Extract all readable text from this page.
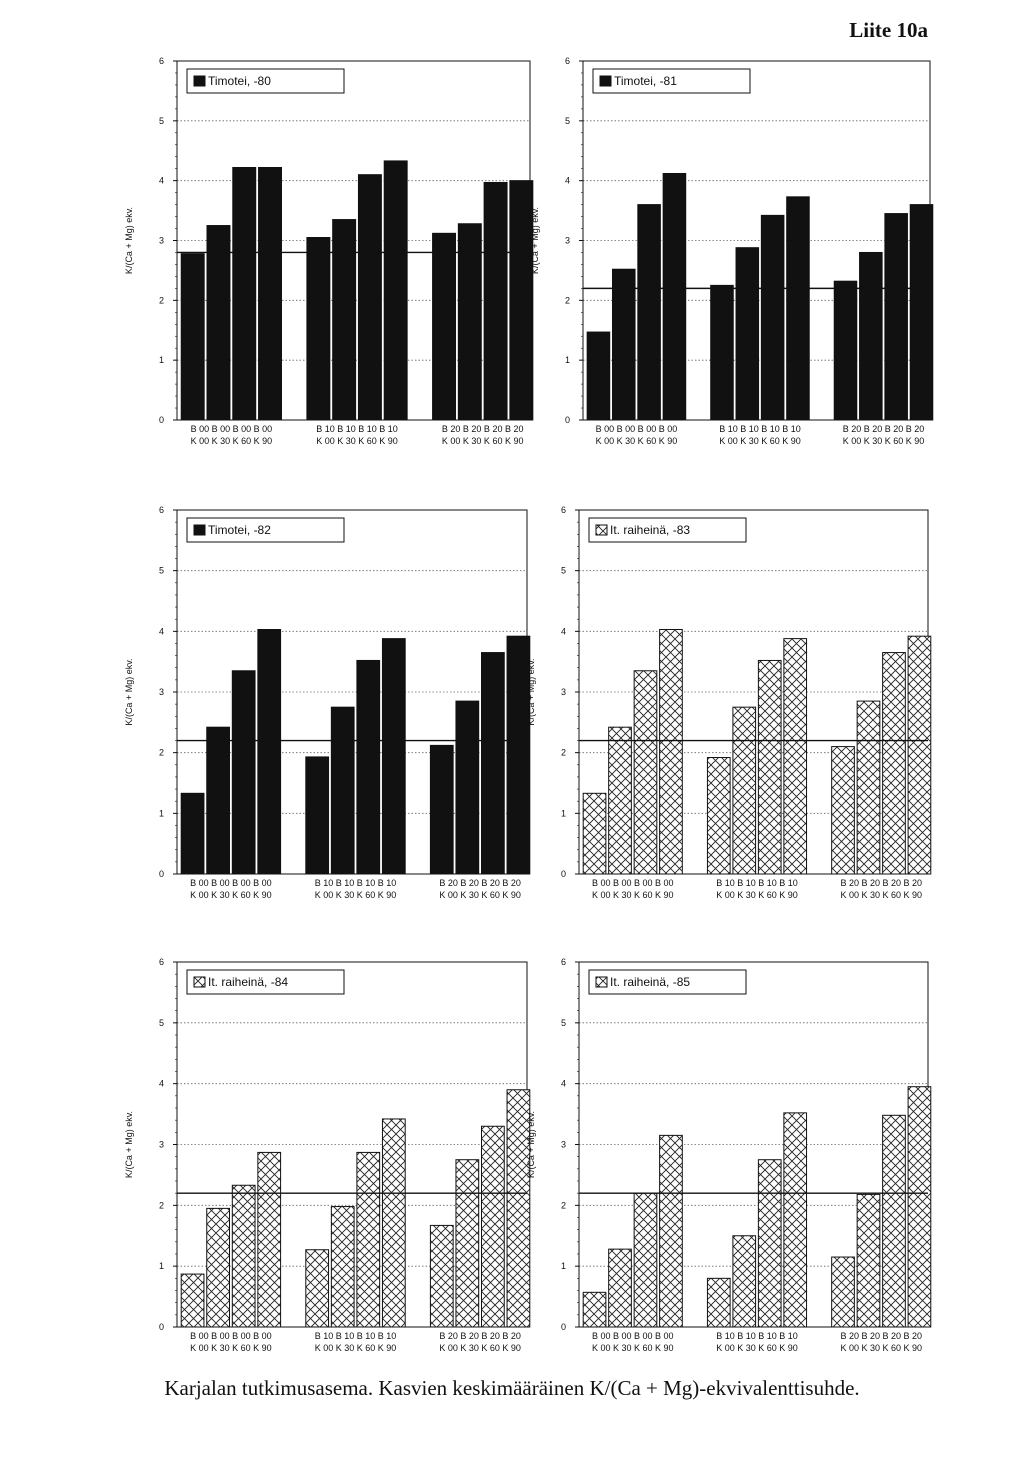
Liite 10a
0
1
2
3
4
5
6
K/(Ca + Mg) ekv.
B 00 B 00 B 00 B 00
K 00 K 30 K 60 K 90
B 10 B 10 B 10 B 10
K 00 K 30 K 60 K 90
B 20 B 20 B 20 B 20
K 00 K 30 K 60 K 90
Timotei, -80
0
1
2
3
4
5
6
K/(Ca + Mg) ekv.
B 00 B 00 B 00 B 00
K 00 K 30 K 60 K 90
B 10 B 10 B 10 B 10
K 00 K 30 K 60 K 90
B 20 B 20 B 20 B 20
K 00 K 30 K 60 K 90
Timotei, -81
0
1
2
3
4
5
6
K/(Ca + Mg) ekv.
B 00 B 00 B 00 B 00
K 00 K 30 K 60 K 90
B 10 B 10 B 10 B 10
K 00 K 30 K 60 K 90
B 20 B 20 B 20 B 20
K 00 K 30 K 60 K 90
Timotei, -82
0
1
2
3
4
5
6
K/(Ca + Mg) ekv.
B 00 B 00 B 00 B 00
K 00 K 30 K 60 K 90
B 10 B 10 B 10 B 10
K 00 K 30 K 60 K 90
B 20 B 20 B 20 B 20
K 00 K 30 K 60 K 90
It. raiheinä, -83
0
1
2
3
4
5
6
K/(Ca + Mg) ekv.
B 00 B 00 B 00 B 00
K 00 K 30 K 60 K 90
B 10 B 10 B 10 B 10
K 00 K 30 K 60 K 90
B 20 B 20 B 20 B 20
K 00 K 30 K 60 K 90
It. raiheinä, -84
0
1
2
3
4
5
6
K/(Ca + Mg) ekv.
B 00 B 00 B 00 B 00
K 00 K 30 K 60 K 90
B 10 B 10 B 10 B 10
K 00 K 30 K 60 K 90
B 20 B 20 B 20 B 20
K 00 K 30 K 60 K 90
It. raiheinä, -85
Karjalan tutkimusasema. Kasvien keskimääräinen K/(Ca + Mg)-ekvivalenttisuhde.
